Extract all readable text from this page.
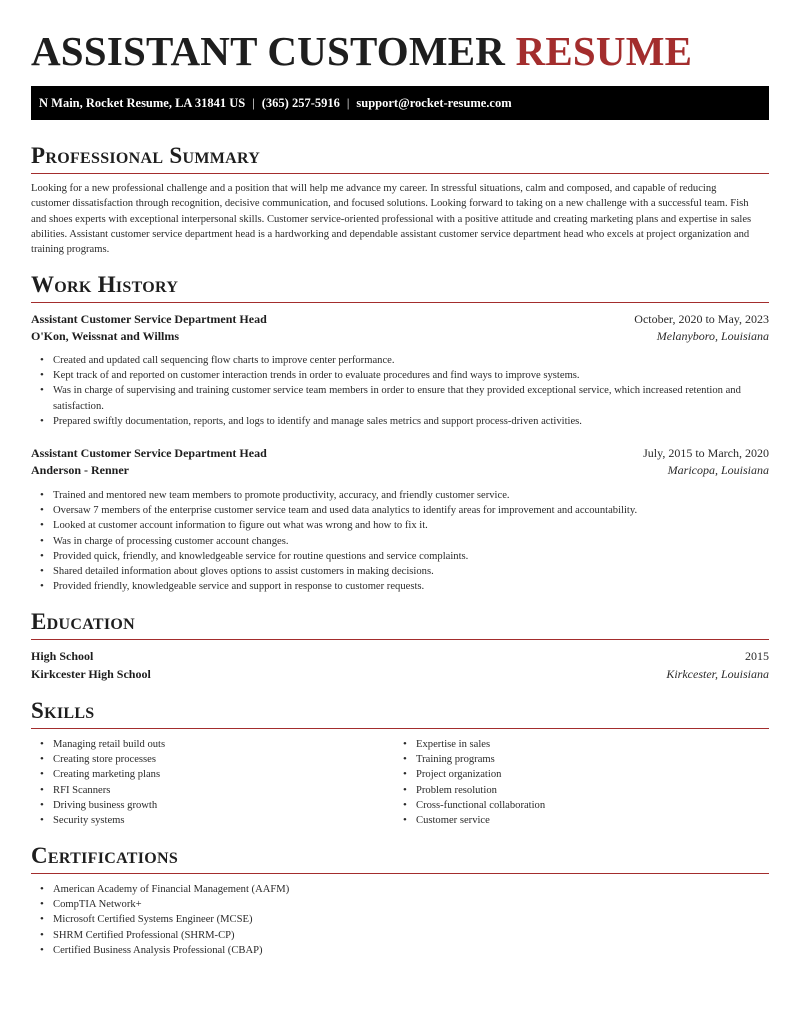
ASSISTANT CUSTOMER RESUME
N Main, Rocket Resume, LA 31841 US | (365) 257-5916 | support@rocket-resume.com
Professional Summary

Looking for a new professional challenge and a position that will help me advance my career. In stressful situations, calm and composed, and capable of reducing customer dissatisfaction through recognition, decisive communication, and focused solutions. Looking forward to taking on a new challenge with a successful team. Fish and shoes experts with exceptional interpersonal skills. Customer service-oriented professional with a positive attitude and creating marketing plans and expertise in sales abilities. Assistant customer service department head is a hardworking and dependable assistant customer service department head who excels at project organization and training programs.

Work History
Assistant Customer Service Department Head	October, 2020 to May, 2023
O'Kon, Weissnat and Willms	Melanyboro, Louisiana
• Created and updated call sequencing flow charts to improve center performance.
• Kept track of and reported on customer interaction trends in order to evaluate procedures and find ways to improve systems.
• Was in charge of supervising and training customer service team members in order to ensure that they provided exceptional service, which increased retention and satisfaction.
• Prepared swiftly documentation, reports, and logs to identify and manage sales metrics and support process-driven activities.
Assistant Customer Service Department Head	July, 2015 to March, 2020
Anderson - Renner	Maricopa, Louisiana
• Trained and mentored new team members to promote productivity, accuracy, and friendly customer service.
• Oversaw 7 members of the enterprise customer service team and used data analytics to identify areas for improvement and accountability.
• Looked at customer account information to figure out what was wrong and how to fix it.
• Was in charge of processing customer account changes.
• Provided quick, friendly, and knowledgeable service for routine questions and service complaints.
• Shared detailed information about gloves options to assist customers in making decisions.
• Provided friendly, knowledgeable service and support in response to customer requests.
Education
High School	2015
Kirkcester High School	Kirkcester, Louisiana
Skills
• Managing retail build outs
• Creating store processes
• Creating marketing plans
• RFI Scanners
• Driving business growth
• Security systems
• Expertise in sales
• Training programs
• Project organization
• Problem resolution
• Cross-functional collaboration
• Customer service
Certifications
• American Academy of Financial Management (AAFM)
• CompTIA Network+
• Microsoft Certified Systems Engineer (MCSE)
• SHRM Certified Professional (SHRM-CP)
• Certified Business Analysis Professional (CBAP)
